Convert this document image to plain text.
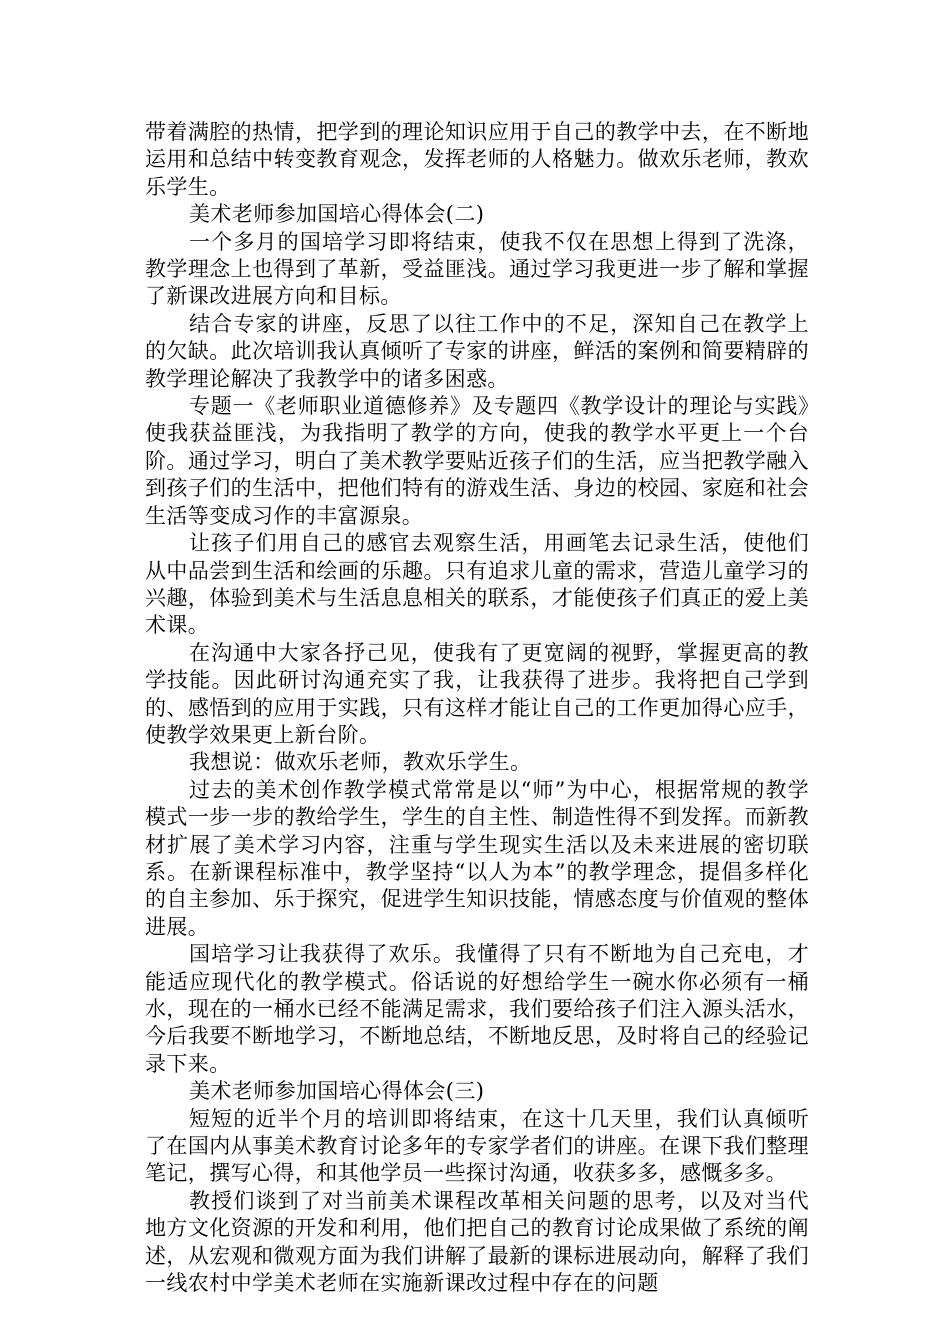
带着满腔的热情，把学到的理论知识应用于自己的教学中去，在不断地运用和总结中转变教育观念，发挥老师的人格魅力。做欢乐老师，教欢乐学生。

美术老师参加国培心得体会(二)

一个多月的国培学习即将结束，使我不仅在思想上得到了洗涤，教学理念上也得到了革新，受益匪浅。通过学习我更进一步了解和掌握了新课改进展方向和目标。

结合专家的讲座，反思了以往工作中的不足，深知自己在教学上的欠缺。此次培训我认真倾听了专家的讲座，鲜活的案例和简要精辟的教学理论解决了我教学中的诸多困惑。

专题一《老师职业道德修养》及专题四《教学设计的理论与实践》使我获益匪浅，为我指明了教学的方向，使我的教学水平更上一个台阶。通过学习，明白了美术教学要贴近孩子们的生活，应当把教学融入到孩子们的生活中，把他们特有的游戏生活、身边的校园、家庭和社会生活等变成习作的丰富源泉。

让孩子们用自己的感官去观察生活，用画笔去记录生活，使他们从中品尝到生活和绘画的乐趣。只有追求儿童的需求，营造儿童学习的兴趣，体验到美术与生活息息相关的联系，才能使孩子们真正的爱上美术课。

在沟通中大家各抒己见，使我有了更宽阔的视野，掌握更高的教学技能。因此研讨沟通充实了我，让我获得了进步。我将把自己学到的、感悟到的应用于实践，只有这样才能让自己的工作更加得心应手，使教学效果更上新台阶。

我想说：做欢乐老师，教欢乐学生。

过去的美术创作教学模式常常是以“师”为中心，根据常规的教学模式一步一步的教给学生，学生的自主性、制造性得不到发挥。而新教材扩展了美术学习内容，注重与学生现实生活以及未来进展的密切联系。在新课程标准中，教学坚持“以人为本”的教学理念，提倡多样化的自主参加、乐于探究，促进学生知识技能，情感态度与价值观的整体进展。

国培学习让我获得了欢乐。我懂得了只有不断地为自己充电，才能适应现代化的教学模式。俗话说的好想给学生一碗水你必须有一桶水，现在的一桶水已经不能满足需求，我们要给孩子们注入源头活水，今后我要不断地学习，不断地总结，不断地反思，及时将自己的经验记录下来。

美术老师参加国培心得体会(三)

短短的近半个月的培训即将结束，在这十几天里，我们认真倾听了在国内从事美术教育讨论多年的专家学者们的讲座。在课下我们整理笔记，撰写心得，和其他学员一些探讨沟通，收获多多，感慨多多。

教授们谈到了对当前美术课程改革相关问题的思考，以及对当代地方文化资源的开发和利用，他们把自己的教育讨论成果做了系统的阐述，从宏观和微观方面为我们讲解了最新的课标进展动向，解释了我们一线农村中学美术老师在实施新课改过程中存在的问题
